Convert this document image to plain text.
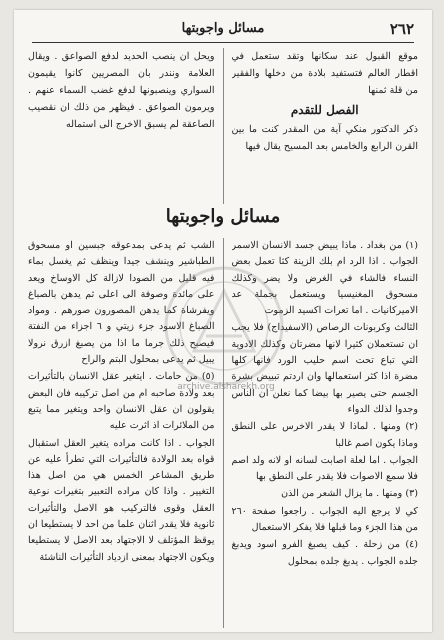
٢٦٢
مسائل واجوبتها

موقع القبول عند سكانها وتقد ستعمل في اقطار العالم فتستفيد بلادة من دخلها والفقير من قلة ثمنها

الفصل للتقدم

ذكر الدكتور منكي آية من المقدر كنت ما بين القرن الرابع والخامس بعد المسيح يقال فيها

ويحل ان ينصب الحديد لدفع الصواعق . ويقال العلامة ونندر بان المصريين كانوا يقيمون السواري وينصبونها لدفع غضب السماء عنهم . ويرمون الصواعق . فيظهر من ذلك ان نقصيب الصاعقة لم يسبق الاخرج الى استماله

مسائل واجوبتها

(١) من بغداد . ماذا يبيض جسد الانسان الاسمر الجواب . اذا الرد ام بلك الزينة كثا تعمل بعض النساء فالشاء في الغرض ولا يضر وكذلك مسحوق المغنيسيا ويستعمل بجملة عد الاميركانيات . اما تعرات اكسيد الزموت

الثالث وكربونات الرصاص (الاسفيداج) فلا يجب ان تستعملان كثيرا لانها مضرتان وكذلك الادوية التي تباع تحت اسم حليب الورد فانها كلها مضرة اذا كثر استعمالها وان اردتم تبييض بشرة الجسم حتى يصير بها بيضا كما نعلن ان الناس وجدوا لذلك الدواء

(٢) ومنها . لماذا لا يقدر الاخرس على النطق وماذا يكون اصم غالبا

الجواب . اما لعلة اصابت لسانه او لانه ولد اصم فلا سمع الاصوات فلا يقدر على النطق بها

(٣) ومنها . ما يزال الشعر من الذن

كي لا يرجع اليه الجواب . راجعوا صفحة ٢٦٠ من هذا الجزء وما قبلها فلا يفكر الاستعمال

(٤) من زحلة . كيف يصبغ الفرو اسود ويدبغ جلده الجواب . يدبغ جلده بمحلول

الشب ثم يدعى بمدعوقه جبسين او مسحوق الطباشير وينشف جيدا وينظف ثم يغسل بماء فيه قليل من الصودا لازالة كل الاوساخ ويعد على مائدة وصوفة الى اعلى ثم يدهن بالصباغ ويفرشاة كما يدهن المصورون صورهم . ومواد الصباغ الاسود جزء زيتي و ٦ اجزاء من النفتة فيصبح ذلك جرما ما اذا من يصبغ ازرق نرولا يبيل ثم يدعى بمحلول البتم والراح

(٥) من حامات . ايتغير عقل الانسان بالتأثيرات بعد ولادة صاحبه ام من اصل تركيبه فان البعض يقولون ان عقل الانسان واحد ويتغير مما يتبع من الملائرات اذ اثرت عليه

الجواب . اذا كانت مراده يتغير العقل استقبال قواه بعد الولادة فالتأثيرات التي تطرأ عليه عن طريق المشاعر الخمس هي من اصل هذا التغيير . واذا كان مراده التعبير بتغيرات نوعية العقل وقوى فالتركيب هو الاصل والتأثيرات ثانوية فلا يقدر اثنان علما من احد لا يستطيعا ان يوقظ المؤتلف لا الاجتهاد بعد الاصل لا يستطيعا ويكون الاجتهاد بمعنى ازدياد التأثيرات الناشئة

archive.alsharekh.org
